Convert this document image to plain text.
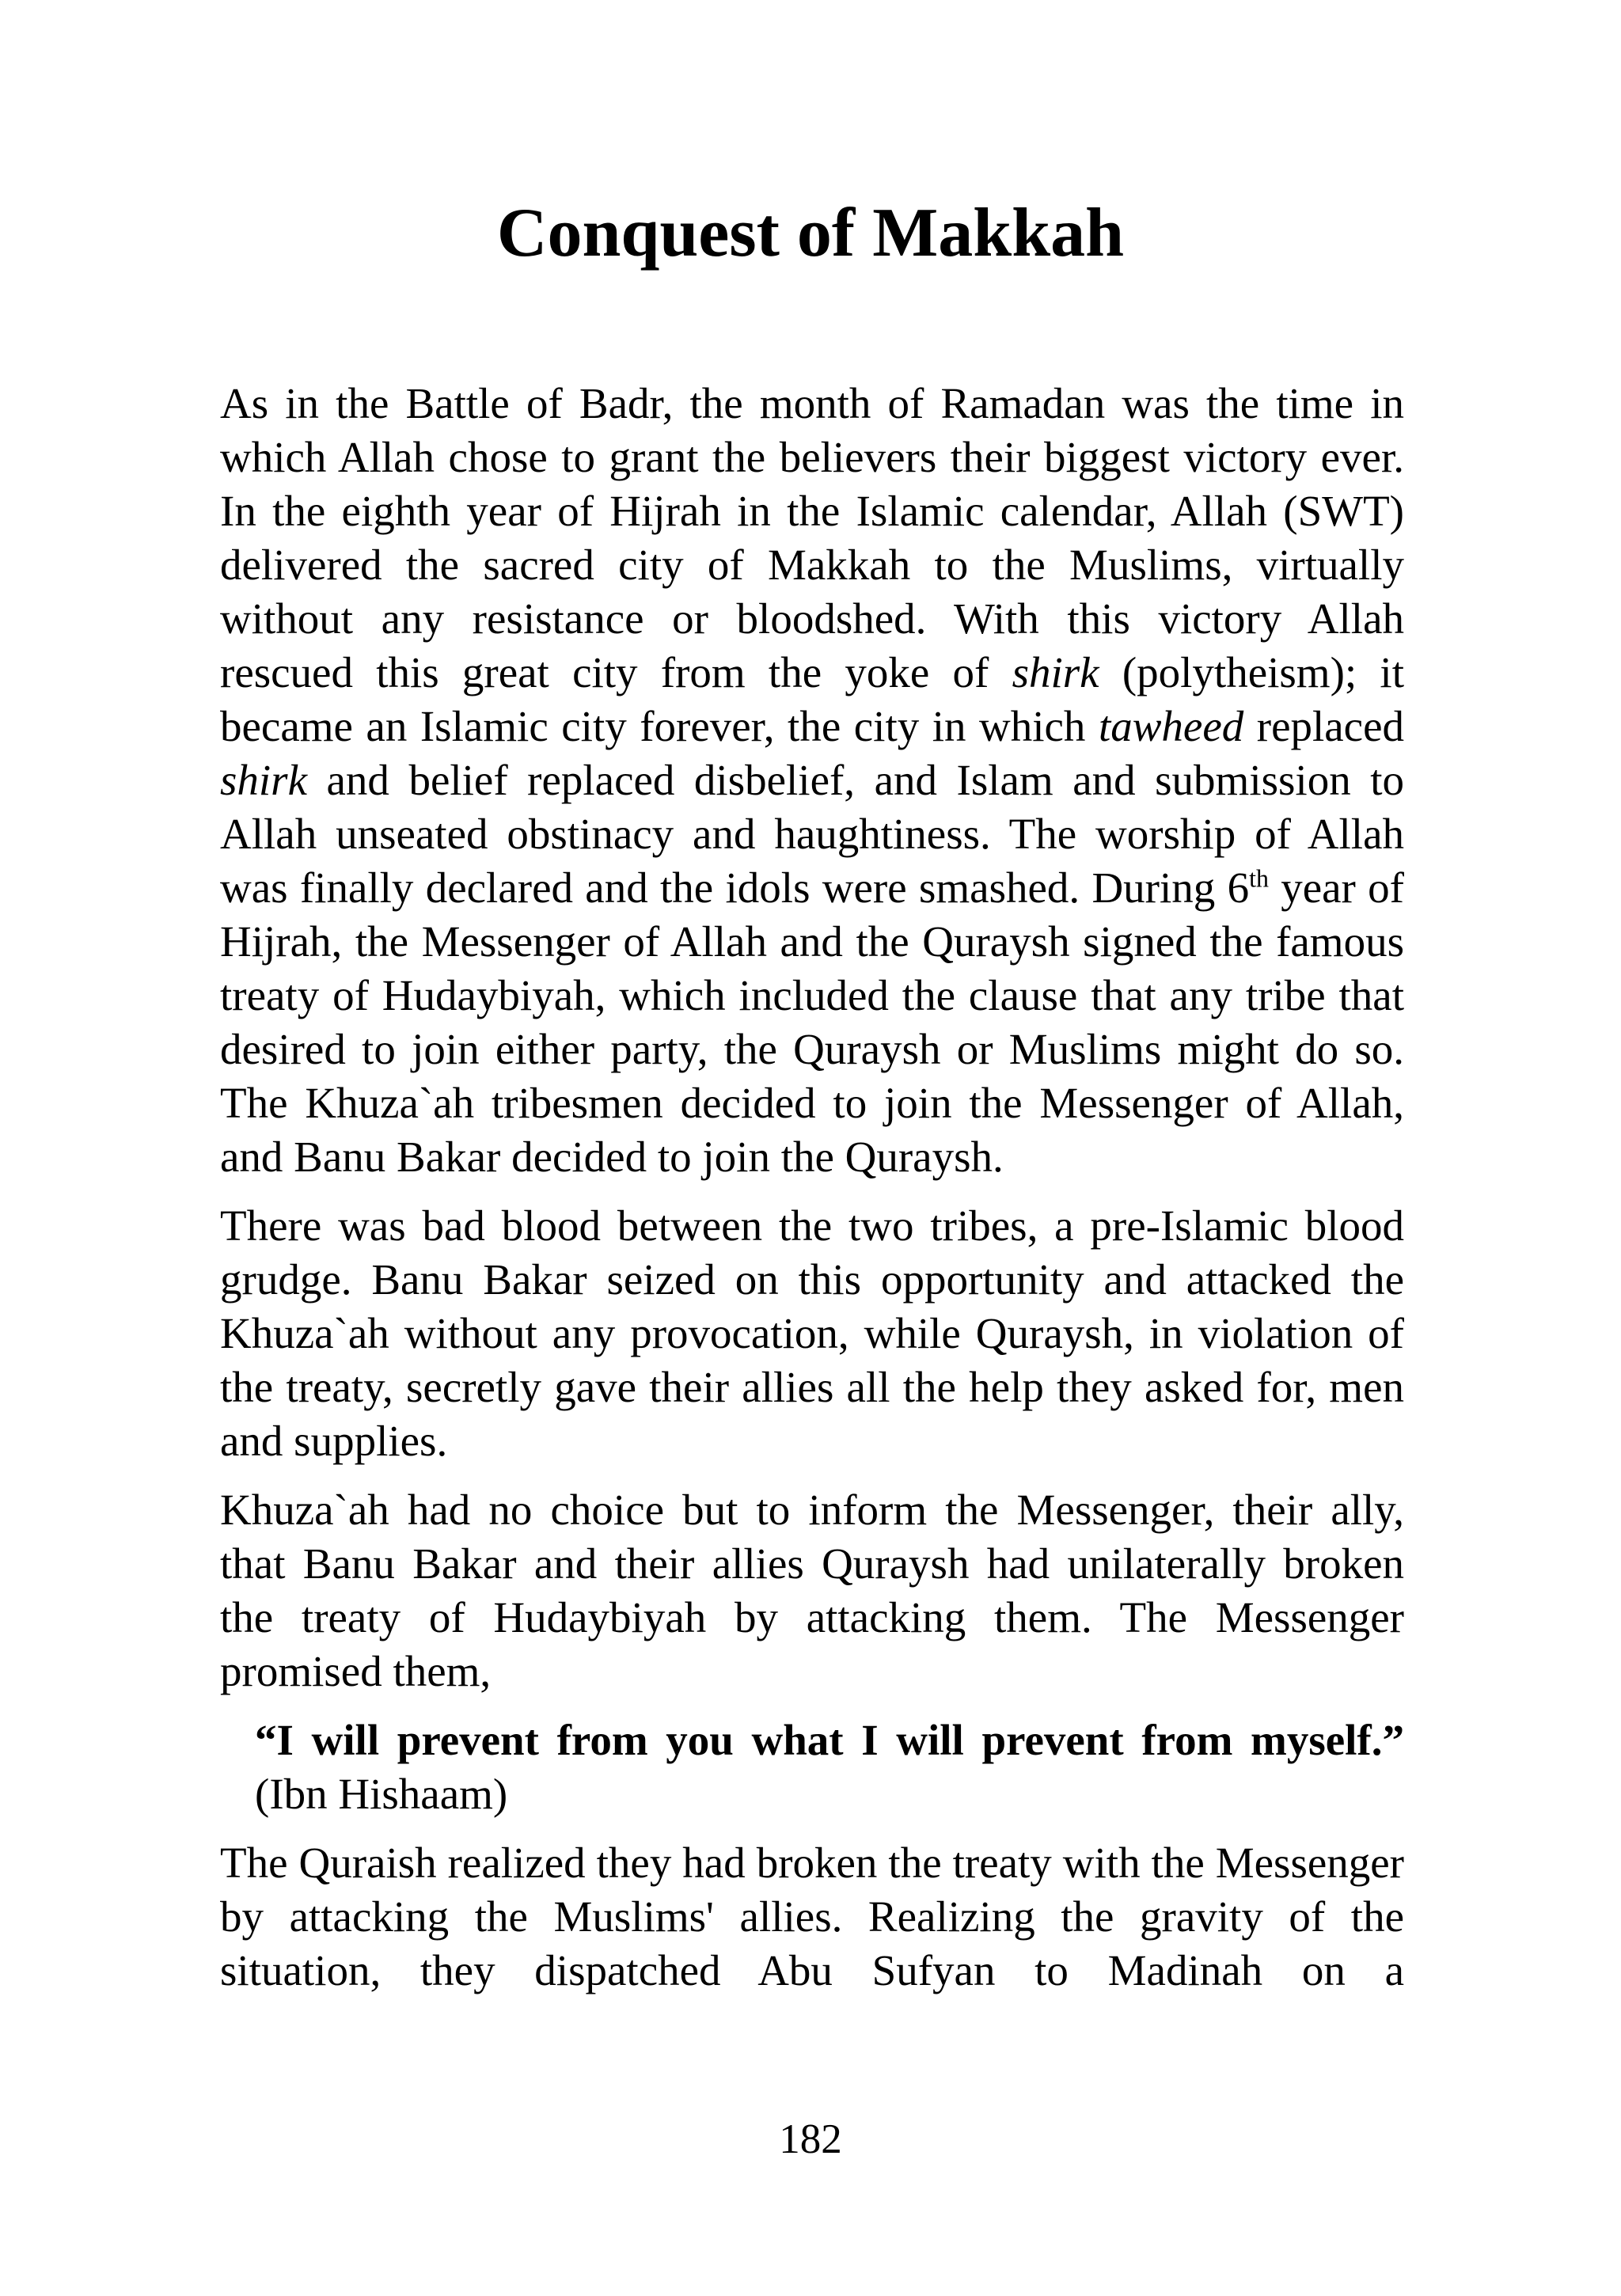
Conquest of Makkah

As in the Battle of Badr, the month of Ramadan was the time in which Allah chose to grant the believers their biggest victory ever. In the eighth year of Hijrah in the Islamic calendar, Allah (SWT) delivered the sacred city of Makkah to the Muslims, virtually without any resistance or bloodshed. With this victory Allah rescued this great city from the yoke of shirk (polytheism); it became an Islamic city forever, the city in which tawheed replaced shirk and belief replaced disbelief, and Islam and submission to Allah unseated obstinacy and haughtiness. The worship of Allah was finally declared and the idols were smashed. During 6th year of Hijrah, the Messenger of Allah and the Quraysh signed the famous treaty of Hudaybiyah, which included the clause that any tribe that desired to join either party, the Quraysh or Muslims might do so. The Khuza`ah tribesmen decided to join the Messenger of Allah, and Banu Bakar decided to join the Quraysh.

There was bad blood between the two tribes, a pre-Islamic blood grudge. Banu Bakar seized on this opportunity and attacked the Khuza`ah without any provocation, while Quraysh, in violation of the treaty, secretly gave their allies all the help they asked for, men and supplies.

Khuza`ah had no choice but to inform the Messenger, their ally, that Banu Bakar and their allies Quraysh had unilaterally broken the treaty of Hudaybiyah by attacking them. The Messenger promised them,

“I will prevent from you what I will prevent from myself.” (Ibn Hishaam)

The Quraish realized they had broken the treaty with the Messenger by attacking the Muslims' allies. Realizing the gravity of the situation, they dispatched Abu Sufyan to Madinah on a

182
